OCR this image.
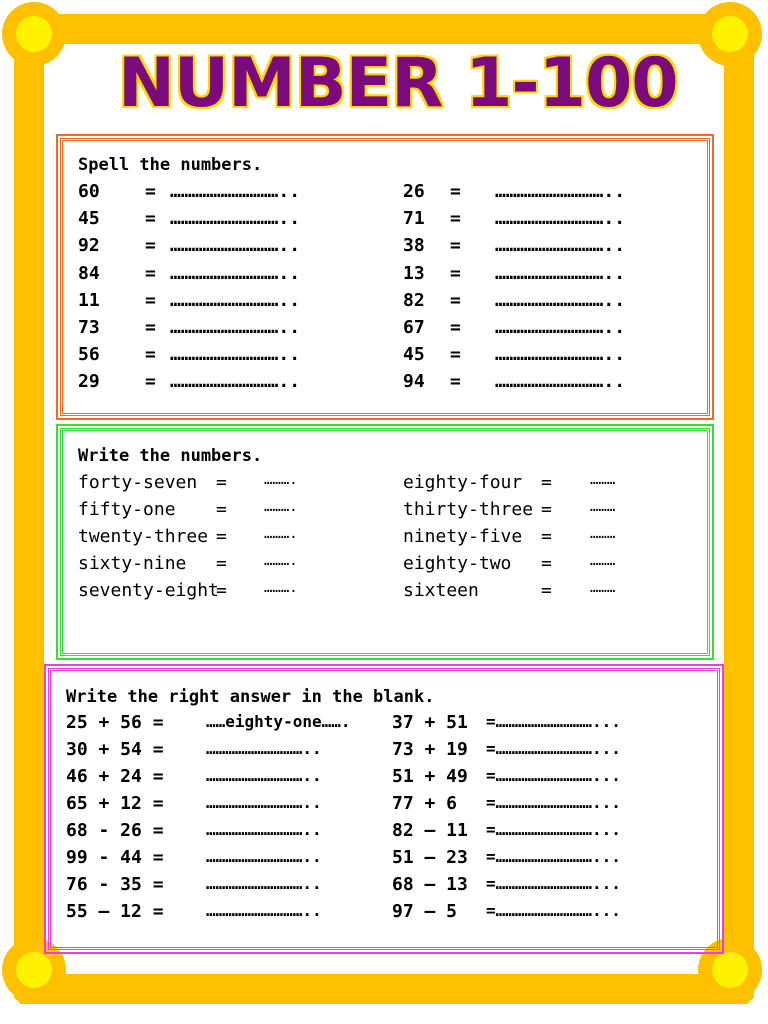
NUMBER 1-100
Spell the numbers.
60	= …………………………..
45	= …………………………..
92	= …………………………..
84	= …………………………..
11	= …………………………..
73	= …………………………..
56	= …………………………..
29	= …………………………..
26 = …………………………..
71 = …………………………..
38 = …………………………..
13 = …………………………..
82 = …………………………..
67 = …………………………..
45 = …………………………..
94 = …………………………..
Write the numbers.
forty-seven =	……….
fifty-one =	……….
twenty-three =	……….
sixty-nine =	……….
seventy-eight
=	……….
eighty-four =	………
thirty-three =	………
ninety-five =	………
eighty-two =	………
sixteen	=	………
Write the right answer in the blank.
25 + 56 =	……eighty-one…….
30 + 54 =	…………………………..
46 + 24 =	…………………………..
65 + 12 =	…………………………..
68 - 26 =	…………………………..
99 - 44 =	…………………………..
76 - 35 =	…………………………..
55 – 12 =	…………………………..
37 + 51 =…………………………...
73 + 19 =…………………………...
51 + 49 =…………………………...
77 + 6 =…………………………...
82 – 11 =…………………………...
51 – 23 =…………………………...
68 – 13 =…………………………...
97 – 5 =…………………………...
